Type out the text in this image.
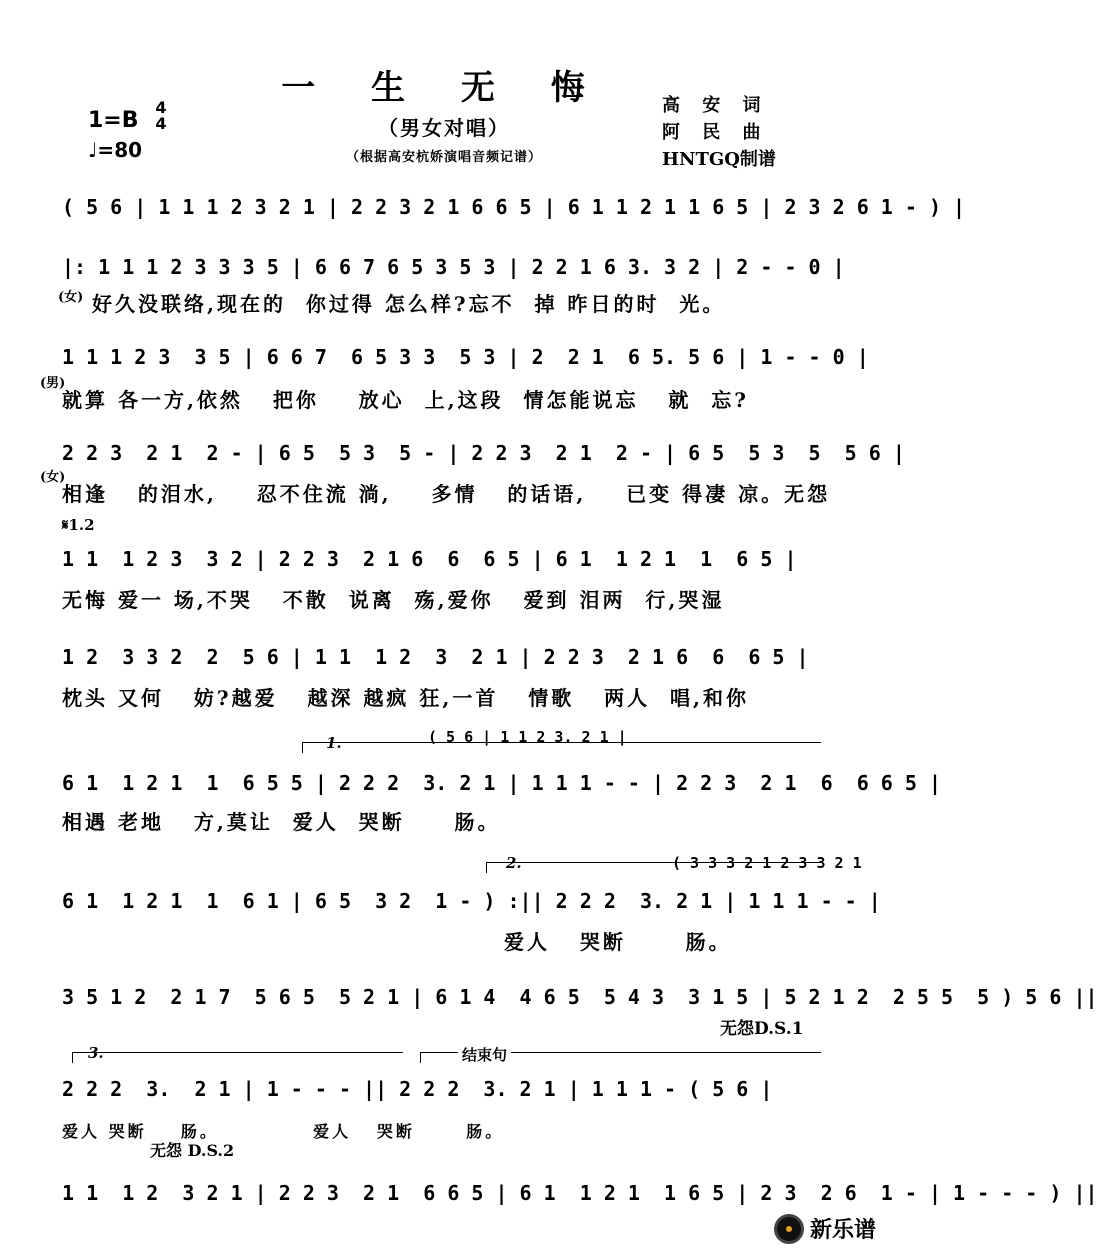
一 生 无 悔
（男女对唱）
（根据高安杭娇演唱音频记谱）
1=B
4
4
♩=80
高 安 词
阿 民 曲
HNTGQ制谱
( 5 6 | 1 1 1 2 3 2 1 | 2 2 3 2 1 6 6 5 | 6 1 1 2 1 1 6 5 | 2 3 2 6 1 - ) |
(女)
|: 1 1 1 2 3 3 3 5 | 6 6 7 6 5 3 5 3 | 2 2 1 6 3. 3 2 | 2 - - 0 |
好久没联络,现在的  你过得 怎么样?忘不  掉 昨日的时  光。
(男)
1 1 1 2 3  3 5 | 6 6 7  6 5 3 3  5 3 | 2  2 1  6 5. 5 6 | 1 - - 0 |
就算 各一方,依然   把你    放心  上,这段  情怎能说忘   就  忘?
(女)
2 2 3  2 1  2 - | 6 5  5 3  5 - | 2 2 3  2 1  2 - | 6 5  5 3  5  5 6 |
相逢   的泪水,    忍不住流 淌,    多情   的话语,    已变 得凄 凉。无怨
𝄋1.2
1 1  1 2 3  3 2 | 2 2 3  2 1 6  6  6 5 | 6 1  1 2 1  1  6 5 |
无悔 爱一 场,不哭   不散  说离  殇,爱你   爱到 泪两  行,哭湿
1 2  3 3 2  2  5 6 | 1 1  1 2  3  2 1 | 2 2 3  2 1 6  6  6 5 |
枕头 又何   妨?越爱   越深 越疯 狂,一首   情歌   两人  唱,和你
1.	( 5 6 | 1 1 2 3. 2 1 |
6 1  1 2 1  1  6 5 5 | 2 2 2  3. 2 1 | 1 1 1 - - | 2 2 3  2 1  6  6 6 5 |
相遇 老地   方,莫让  爱人  哭断     肠。
2.	( 3 3 3 2 1 2 3 3 2 1
6 1  1 2 1  1  6 1 | 6 5  3 2  1 - ) :|| 2 2 2  3. 2 1 | 1 1 1 - - |
爱人   哭断      肠。
3 5 1 2  2 1 7  5 6 5  5 2 1 | 6 1 4  4 6 5  5 4 3  3 1 5 | 5 2 1 2  2 5 5  5 ) 5 6 ||
无怨D.S.1
3.	结束句
2 2 2  3.  2 1 | 1 - - - || 2 2 2  3. 2 1 | 1 1 1 - ( 5 6 |
爱人 哭断    肠。           爱人   哭断      肠。
无怨 D.S.2
1 1  1 2  3 2 1 | 2 2 3  2 1  6 6 5 | 6 1  1 2 1  1 6 5 | 2 3  2 6  1 - | 1 - - - ) ||
新乐谱
